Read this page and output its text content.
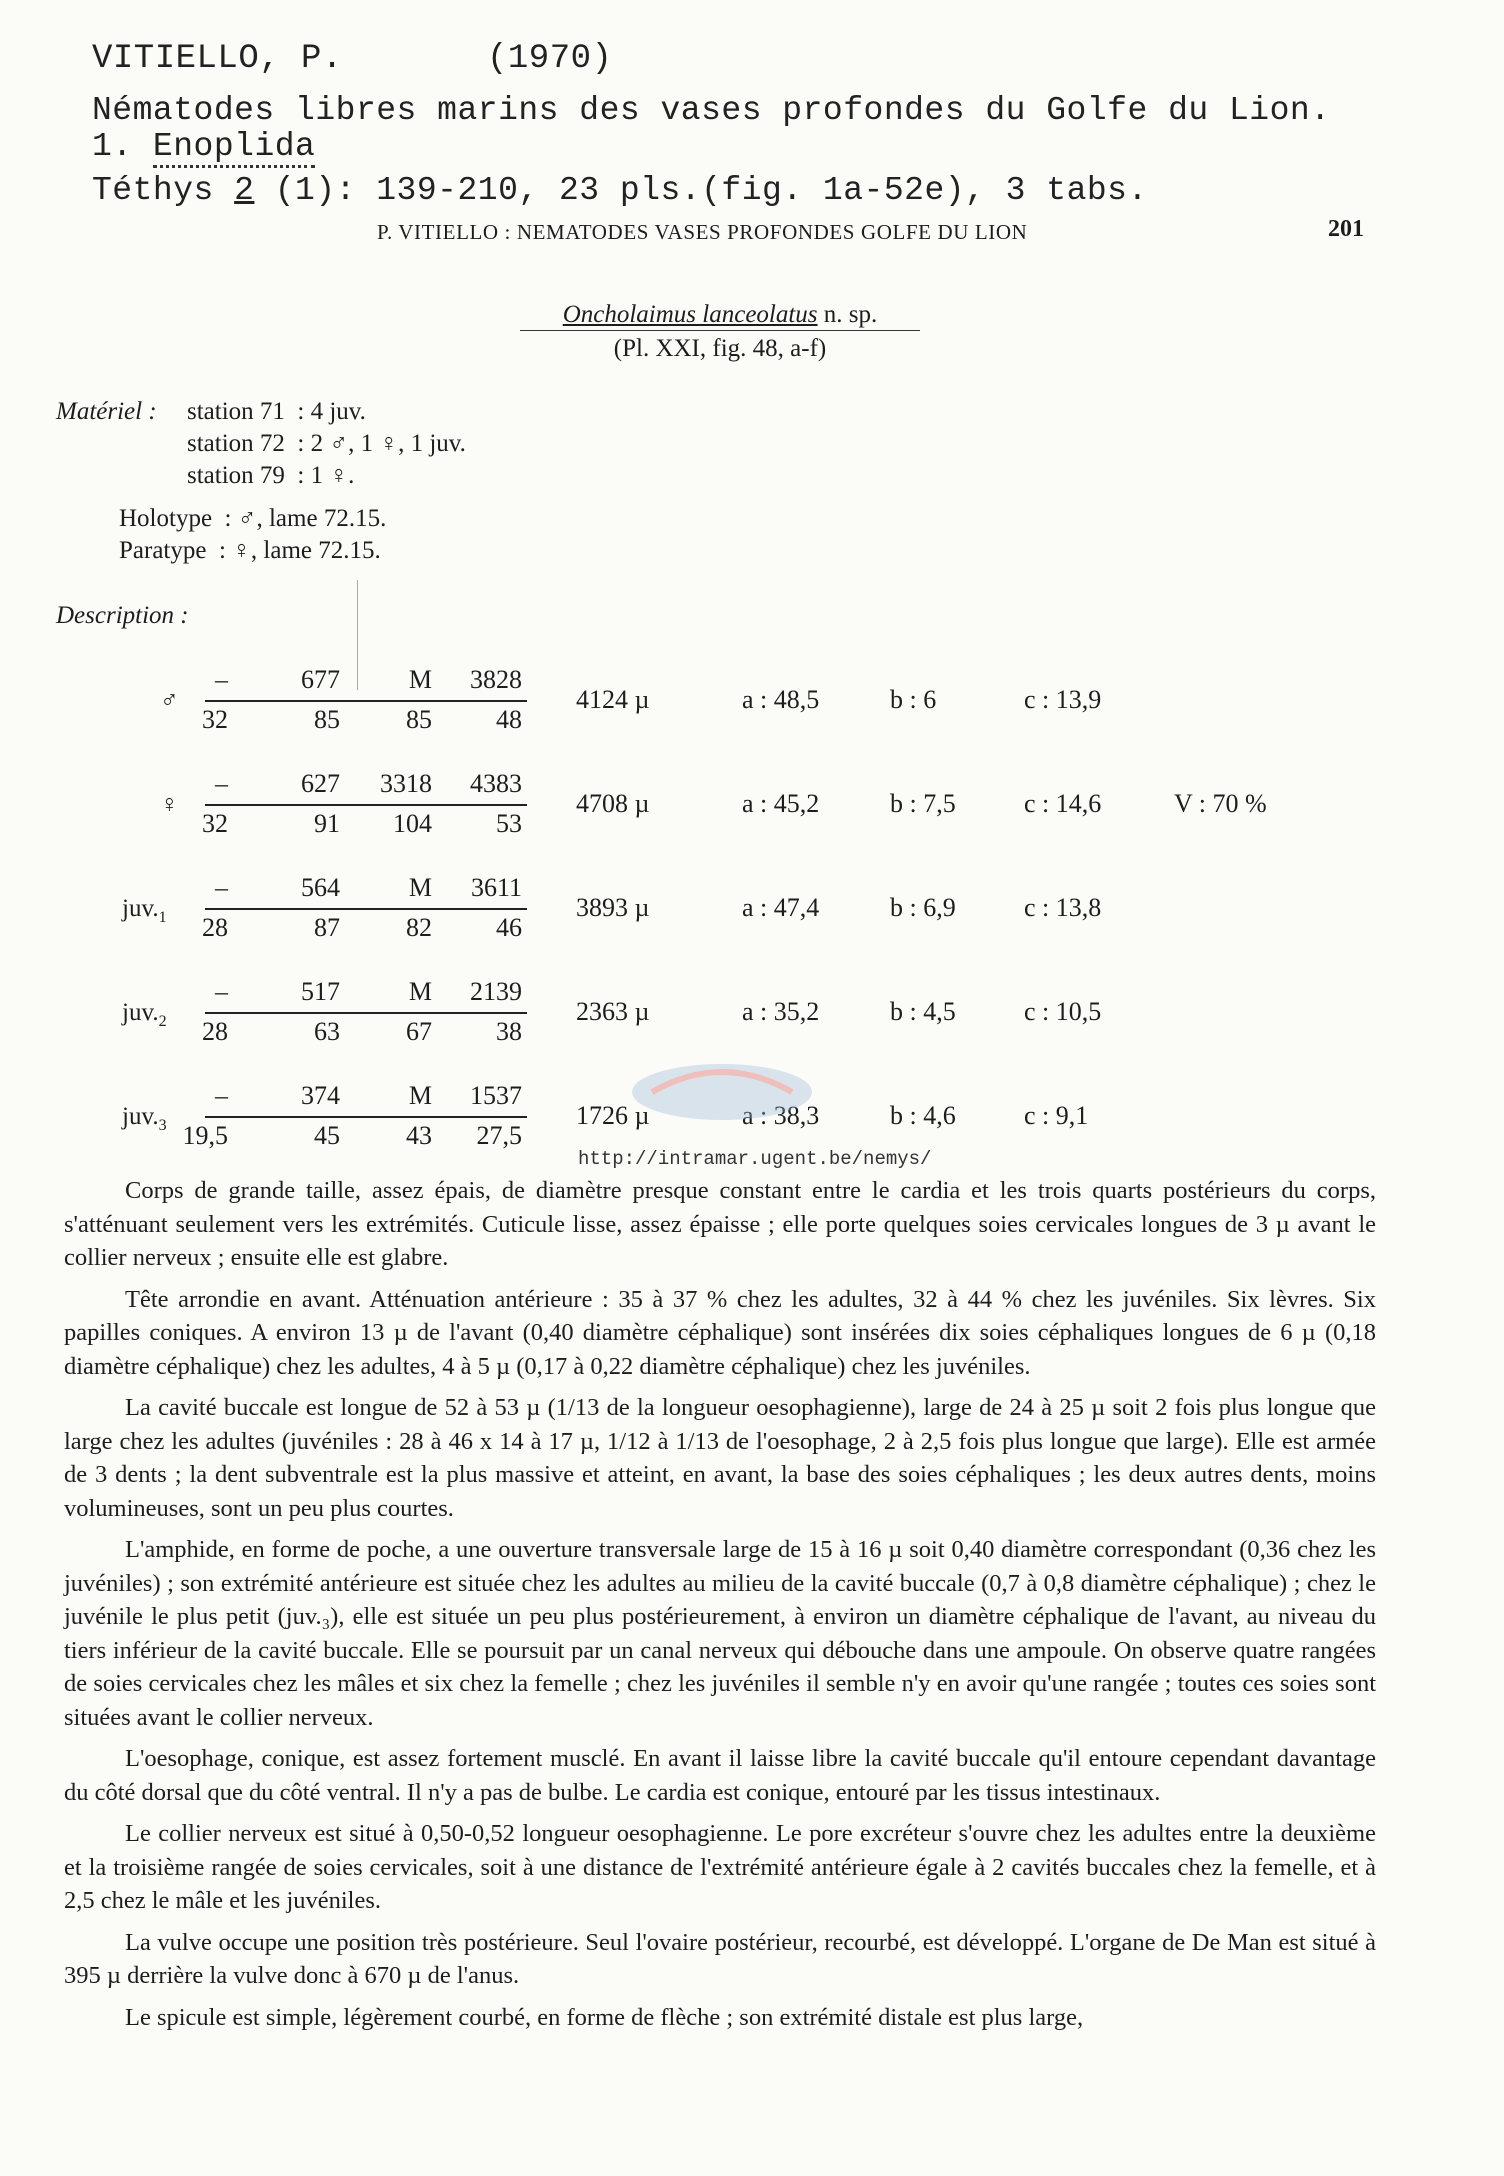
VITIELLO, P.	(1970)
Nématodes libres marins des vases profondes du Golfe du Lion.
1. Enoplida
Téthys 2 (1): 139-210, 23 pls.(fig. 1a-52e), 3 tabs.
P. VITIELLO : NEMATODES VASES PROFONDES GOLFE DU LION	201
Oncholaimus lanceolatus n. sp.
(Pl. XXI, fig. 48, a-f)
Matériel : station 71  : 4 juv.
station 72  : 2 ♂, 1 ♀, 1 juv.
station 79  : 1 ♀.
Holotype  : ♂, lame 72.15.
Paratype  : ♀, lame 72.15.
Description :
♂
–	677	M	3828
32	85	85	48
4124 µ	a : 48,5	b : 6	c : 13,9
♀
–	627	3318	4383
32	91	104	53
4708 µ	a : 45,2	b : 7,5	c : 14,6	V : 70 %
$juv._1$
–	564	M	3611
28	87	82	46
3893 µ	a : 47,4	b : 6,9	c : 13,8
$juv._2$
–	517	M	2139
28	63	67	38
2363 µ	a : 35,2	b : 4,5	c : 10,5
$juv._3$
–	374	M	1537
19,5	45	43	27,5
1726 µ	a : 38,3	b : 4,6	c : 9,1
http://intramar.ugent.be/nemys/

Corps de grande taille, assez épais, de diamètre presque constant entre le cardia et les trois quarts postérieurs du corps, s'atténuant seulement vers les extrémités. Cuticule lisse, assez épaisse ; elle porte quelques soies cervicales longues de 3 µ avant le collier nerveux ; ensuite elle est glabre.

Tête arrondie en avant. Atténuation antérieure : 35 à 37 % chez les adultes, 32 à 44 % chez les juvéniles. Six lèvres. Six papilles coniques. A environ 13 µ de l'avant (0,40 diamètre céphalique) sont insérées dix soies céphaliques longues de 6 µ (0,18 diamètre céphalique) chez les adultes, 4 à 5 µ (0,17 à 0,22 diamètre céphalique) chez les juvéniles.

La cavité buccale est longue de 52 à 53 µ (1/13 de la longueur oesophagienne), large de 24 à 25 µ soit 2 fois plus longue que large chez les adultes (juvéniles : 28 à 46 x 14 à 17 µ, 1/12 à 1/13 de l'oesophage, 2 à 2,5 fois plus longue que large). Elle est armée de 3 dents ; la dent subventrale est la plus massive et atteint, en avant, la base des soies céphaliques ; les deux autres dents, moins volumineuses, sont un peu plus courtes.

L'amphide, en forme de poche, a une ouverture transversale large de 15 à 16 µ soit 0,40 diamètre correspondant (0,36 chez les juvéniles) ; son extrémité antérieure est située chez les adultes au milieu de la cavité buccale (0,7 à 0,8 diamètre céphalique) ; chez le juvénile le plus petit (juv.₃), elle est située un peu plus postérieurement, à environ un diamètre céphalique de l'avant, au niveau du tiers inférieur de la cavité buccale. Elle se poursuit par un canal nerveux qui débouche dans une ampoule. On observe quatre rangées de soies cervicales chez les mâles et six chez la femelle ; chez les juvéniles il semble n'y en avoir qu'une rangée ; toutes ces soies sont situées avant le collier nerveux.

L'oesophage, conique, est assez fortement musclé. En avant il laisse libre la cavité buccale qu'il entoure cependant davantage du côté dorsal que du côté ventral. Il n'y a pas de bulbe. Le cardia est conique, entouré par les tissus intestinaux.

Le collier nerveux est situé à 0,50-0,52 longueur oesophagienne. Le pore excréteur s'ouvre chez les adultes entre la deuxième et la troisième rangée de soies cervicales, soit à une distance de l'extrémité antérieure égale à 2 cavités buccales chez la femelle, et à 2,5 chez le mâle et les juvéniles.

La vulve occupe une position très postérieure. Seul l'ovaire postérieur, recourbé, est développé. L'organe de De Man est situé à 395 µ derrière la vulve donc à 670 µ de l'anus.

Le spicule est simple, légèrement courbé, en forme de flèche ; son extrémité distale est plus large,
